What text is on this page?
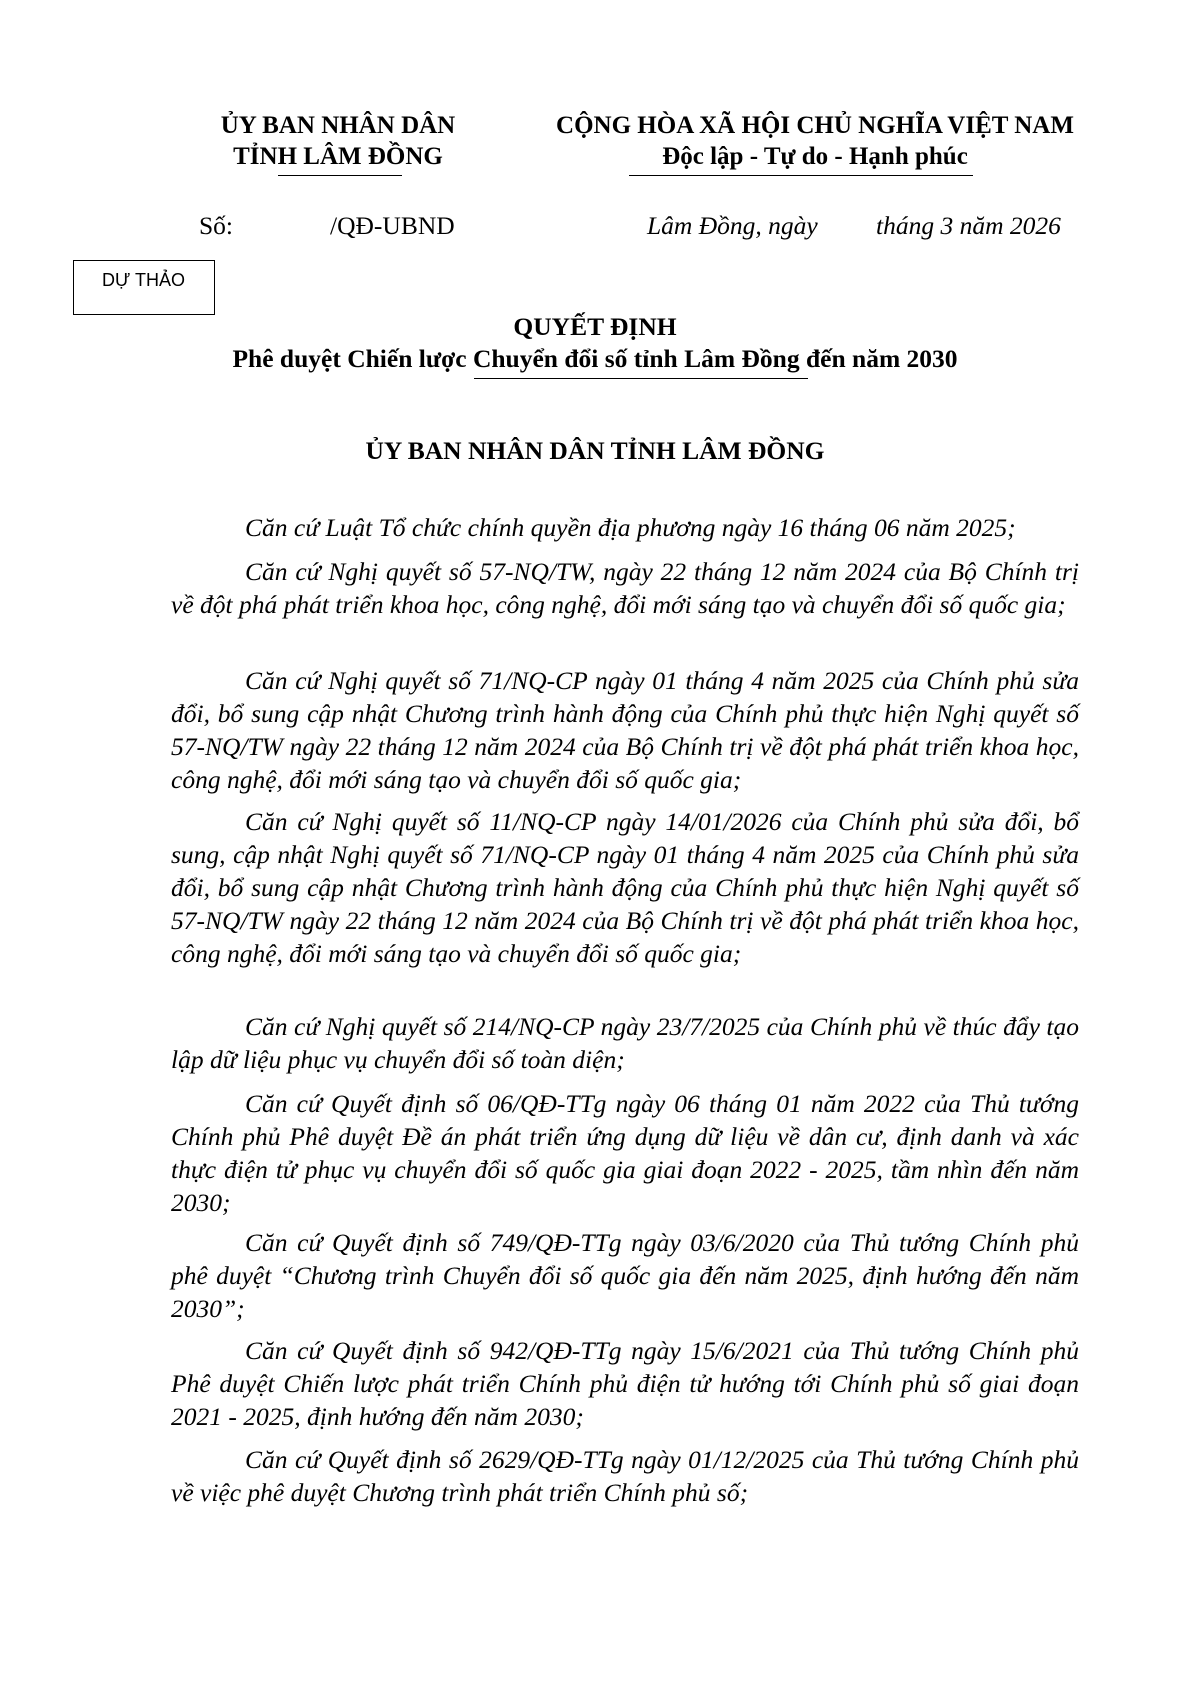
ỦY BAN NHÂN DÂN
TỈNH LÂM ĐỒNG
CỘNG HÒA XÃ HỘI CHỦ NGHĨA VIỆT NAM
Độc lập - Tự do - Hạnh phúc
Số:	/QĐ-UBND	Lâm Đồng, ngày tháng 3 năm 2026
DỰ THẢO
QUYẾT ĐỊNH
Phê duyệt Chiến lược Chuyển đổi số tỉnh Lâm Đồng đến năm 2030
ỦY BAN NHÂN DÂN TỈNH LÂM ĐỒNG
Căn cứ Luật Tổ chức chính quyền địa phương ngày 16 tháng 06 năm 2025;
Căn cứ Nghị quyết số 57-NQ/TW, ngày 22 tháng 12 năm 2024 của Bộ Chính trị về đột phá phát triển khoa học, công nghệ, đổi mới sáng tạo và chuyển đổi số quốc gia;
Căn cứ Nghị quyết số 71/NQ-CP ngày 01 tháng 4 năm 2025 của Chính phủ sửa đổi, bổ sung cập nhật Chương trình hành động của Chính phủ thực hiện Nghị quyết số 57-NQ/TW ngày 22 tháng 12 năm 2024 của Bộ Chính trị về đột phá phát triển khoa học, công nghệ, đổi mới sáng tạo và chuyển đổi số quốc gia;
Căn cứ Nghị quyết số 11/NQ-CP ngày 14/01/2026 của Chính phủ sửa đổi, bổ sung, cập nhật Nghị quyết số 71/NQ-CP ngày 01 tháng 4 năm 2025 của Chính phủ sửa đổi, bổ sung cập nhật Chương trình hành động của Chính phủ thực hiện Nghị quyết số 57-NQ/TW ngày 22 tháng 12 năm 2024 của Bộ Chính trị về đột phá phát triển khoa học, công nghệ, đổi mới sáng tạo và chuyển đổi số quốc gia;
Căn cứ Nghị quyết số 214/NQ-CP ngày 23/7/2025 của Chính phủ về thúc đẩy tạo lập dữ liệu phục vụ chuyển đổi số toàn diện;
Căn cứ Quyết định số 06/QĐ-TTg ngày 06 tháng 01 năm 2022 của Thủ tướng Chính phủ Phê duyệt Đề án phát triển ứng dụng dữ liệu về dân cư, định danh và xác thực điện tử phục vụ chuyển đổi số quốc gia giai đoạn 2022 - 2025, tầm nhìn đến năm 2030;
Căn cứ Quyết định số 749/QĐ-TTg ngày 03/6/2020 của Thủ tướng Chính phủ phê duyệt “Chương trình Chuyển đổi số quốc gia đến năm 2025, định hướng đến năm 2030”;
Căn cứ Quyết định số 942/QĐ-TTg ngày 15/6/2021 của Thủ tướng Chính phủ Phê duyệt Chiến lược phát triển Chính phủ điện tử hướng tới Chính phủ số giai đoạn 2021 - 2025, định hướng đến năm 2030;
Căn cứ Quyết định số 2629/QĐ-TTg ngày 01/12/2025 của Thủ tướng Chính phủ về việc phê duyệt Chương trình phát triển Chính phủ số;
